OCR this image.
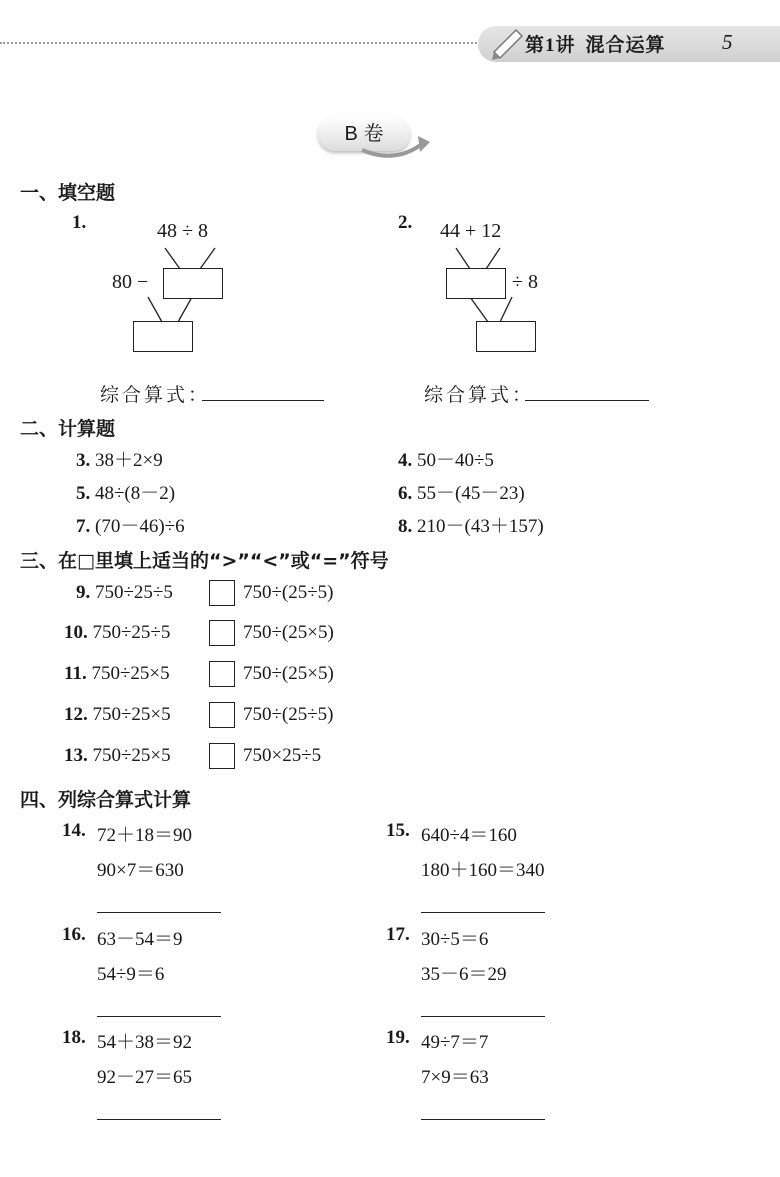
第1讲 混合运算	5
B 卷
一、填空题
1.	48 ÷ 8
80 −
综合算式：
2. 44 + 12
÷ 8
综合算式：
二、计算题
3. 38＋2×9	4. 50－40÷5
5. 48÷(8－2)	6. 55－(45－23)
7. (70－46)÷6	8. 210－(43＋157)
三、在□里填上适当的“>”“<”或“=”符号
9. 750÷25÷5	750÷(25÷5)
10. 750÷25÷5	750÷(25×5)
11. 750÷25×5	750÷(25×5)
12. 750÷25×5	750÷(25÷5)
13. 750÷25×5	750×25÷5
四、列综合算式计算
14. 72＋18＝90
90×7＝630
15. 640÷4＝160
180＋160＝340
16. 63－54＝9
54÷9＝6
17. 30÷5＝6
35－6＝29
18. 54＋38＝92
92－27＝65
19. 49÷7＝7
7×9＝63
